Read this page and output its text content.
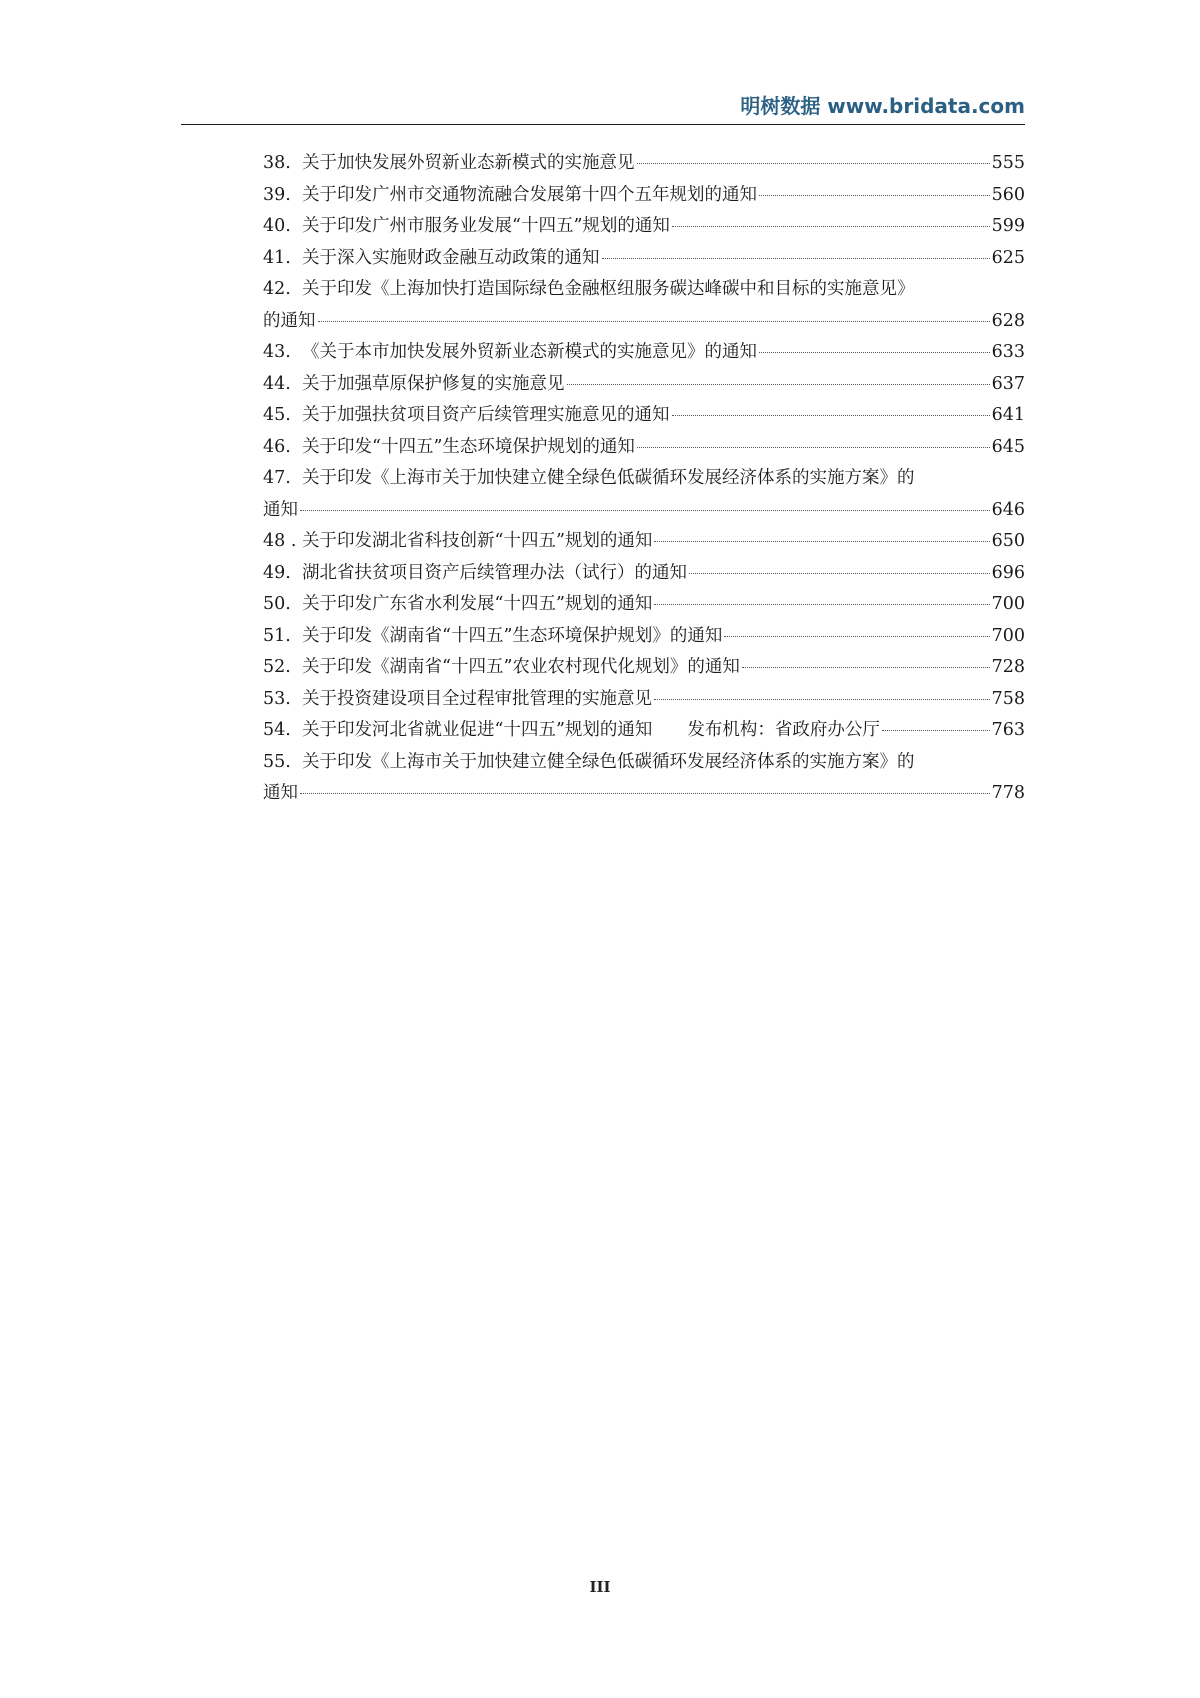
明树数据 www.bridata.com
38. 关于加快发展外贸新业态新模式的实施意见	555
39. 关于印发广州市交通物流融合发展第十四个五年规划的通知	560
40. 关于印发广州市服务业发展“十四五”规划的通知	599
41. 关于深入实施财政金融互动政策的通知	625
42. 关于印发《上海加快打造国际绿色金融枢纽服务碳达峰碳中和目标的实施意见》
的通知	628
43. 《关于本市加快发展外贸新业态新模式的实施意见》的通知	633
44. 关于加强草原保护修复的实施意见	637
45. 关于加强扶贫项目资产后续管理实施意见的通知	641
46. 关于印发“十四五”生态环境保护规划的通知	645
47. 关于印发《上海市关于加快建立健全绿色低碳循环发展经济体系的实施方案》的
通知	646
48 . 关于印发湖北省科技创新“十四五”规划的通知	650
49. 湖北省扶贫项目资产后续管理办法（试行）的通知	696
50. 关于印发广东省水利发展“十四五”规划的通知	700
51. 关于印发《湖南省“十四五”生态环境保护规划》的通知	700
52. 关于印发《湖南省“十四五”农业农村现代化规划》的通知	728
53. 关于投资建设项目全过程审批管理的实施意见	758
54. 关于印发河北省就业促进“十四五”规划的通知　　发布机构：省政府办公厅	763
55. 关于印发《上海市关于加快建立健全绿色低碳循环发展经济体系的实施方案》的
通知	778
III
